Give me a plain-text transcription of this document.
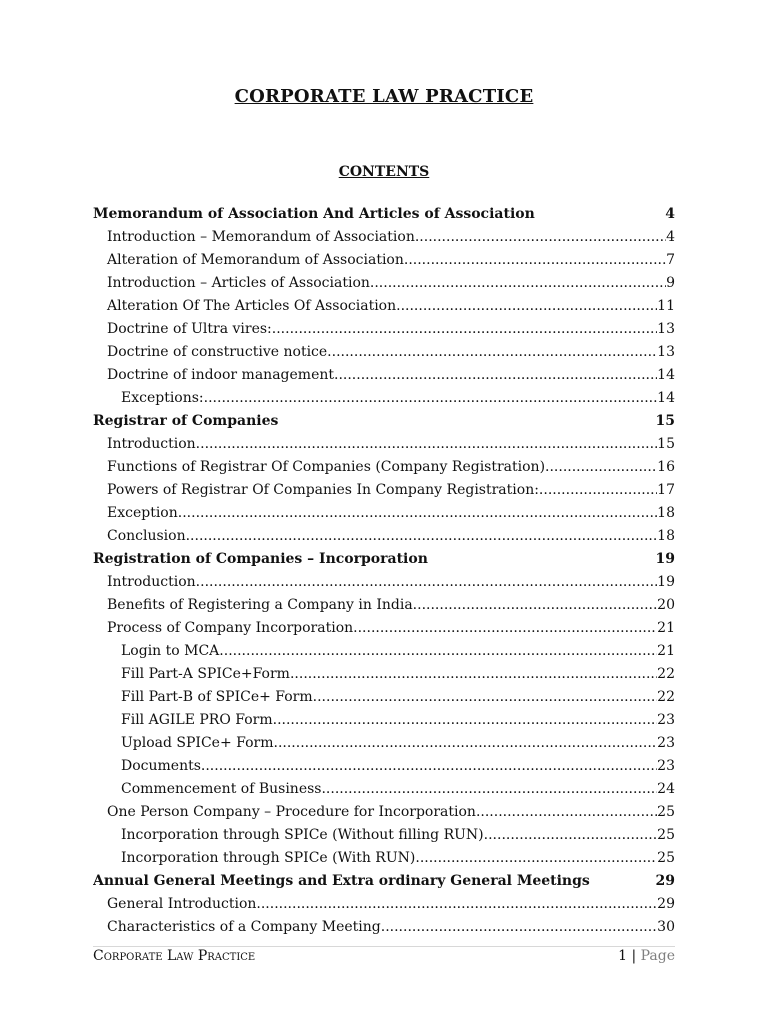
CORPORATE LAW PRACTICE
CONTENTS
Memorandum of Association And Articles of Association	4
Introduction – Memorandum of Association .....	4
Alteration of Memorandum of Association .....	7
Introduction – Articles of Association .....	9
Alteration Of The Articles Of Association .....	11
Doctrine of Ultra vires: .....	13
Doctrine of constructive notice .....	13
Doctrine of indoor management .....	14
Exceptions: .....	14
Registrar of Companies	15
Introduction .....	15
Functions of Registrar Of Companies (Company Registration) .....	16
Powers of Registrar Of Companies In Company Registration: .....	17
Exception .....	18
Conclusion .....	18
Registration of Companies – Incorporation	19
Introduction .....	19
Benefits of Registering a Company in India .....	20
Process of Company Incorporation .....	21
Login to MCA .....	21
Fill Part-A SPICe+Form .....	22
Fill Part-B of SPICe+ Form .....	22
Fill AGILE PRO Form .....	23
Upload SPICe+ Form .....	23
Documents .....	23
Commencement of Business .....	24
One Person Company – Procedure for Incorporation .....	25
Incorporation through SPICe (Without filling RUN) .....	25
Incorporation through SPICe (With RUN) .....	25
Annual General Meetings and Extra ordinary General Meetings	29
General Introduction .....	29
Characteristics of a Company Meeting .....	30
Corporate Law Practice	1 | Page
